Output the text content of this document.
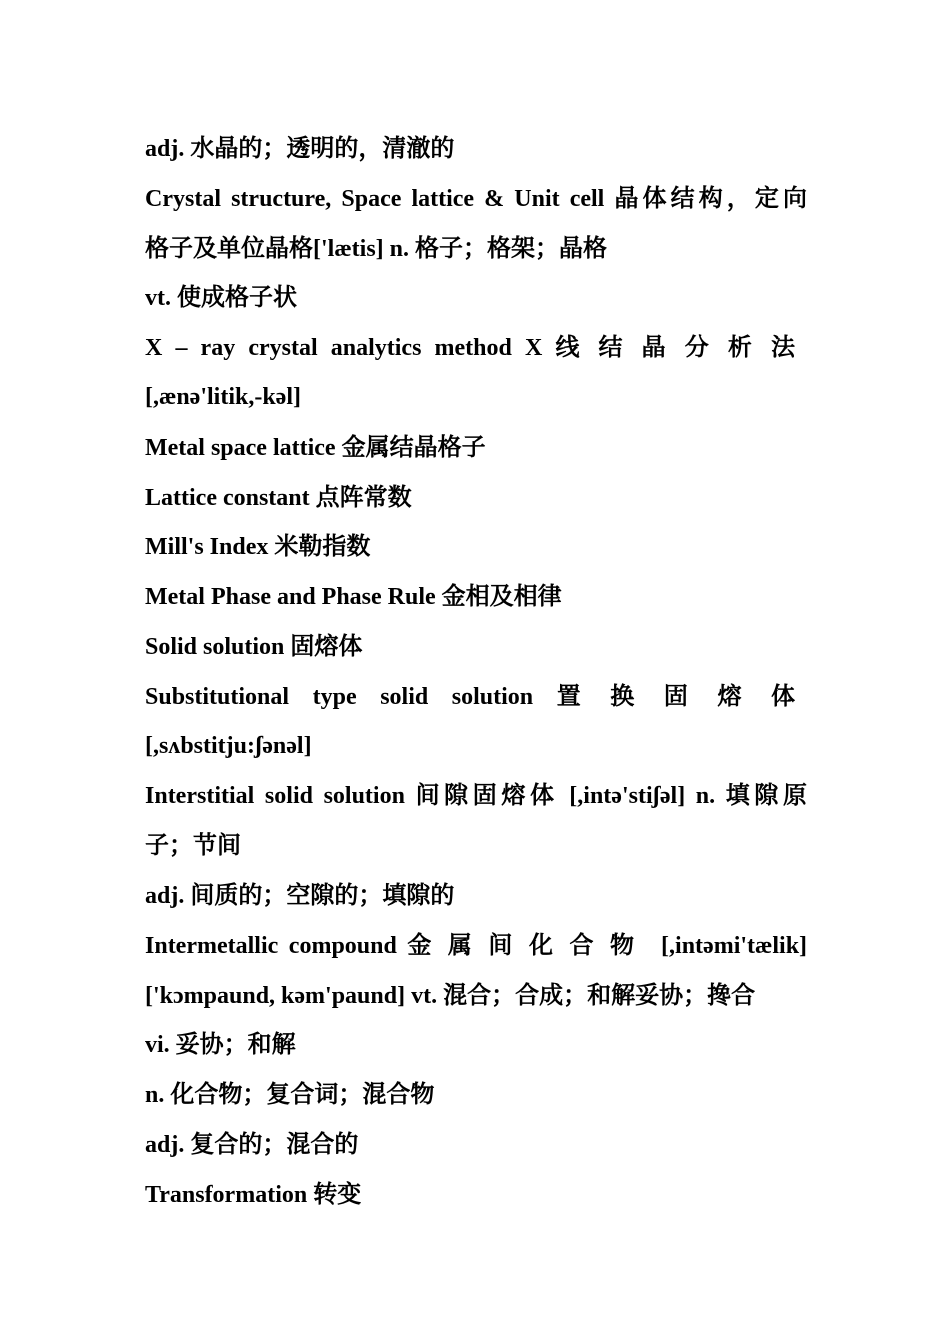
adj. 水晶的；透明的，清澈的
Crystal structure, Space lattice & Unit cell 晶体结构，定向
格子及单位晶格['lætis] n. 格子；格架；晶格
vt. 使成格子状
X – ray crystal analytics method X 线结晶分析法
[,ænə'litik,-kəl]
Metal space lattice 金属结晶格子
Lattice constant 点阵常数
Mill's Index 米勒指数
Metal Phase and Phase Rule 金相及相律
Solid solution 固熔体
Substitutional type solid solution 置换固熔体
[,sʌbstitju:ʃənəl]
Interstitial solid solution 间隙固熔体 [,intə'stiʃəl] n. 填隙原
子；节间
adj. 间质的；空隙的；填隙的
Intermetallic compound 金属间化合物 [,intəmi'tælik]
['kɔmpaund, kəm'paund] vt. 混合；合成；和解妥协；搀合
vi. 妥协；和解
n. 化合物；复合词；混合物
adj. 复合的；混合的
Transformation 转变
